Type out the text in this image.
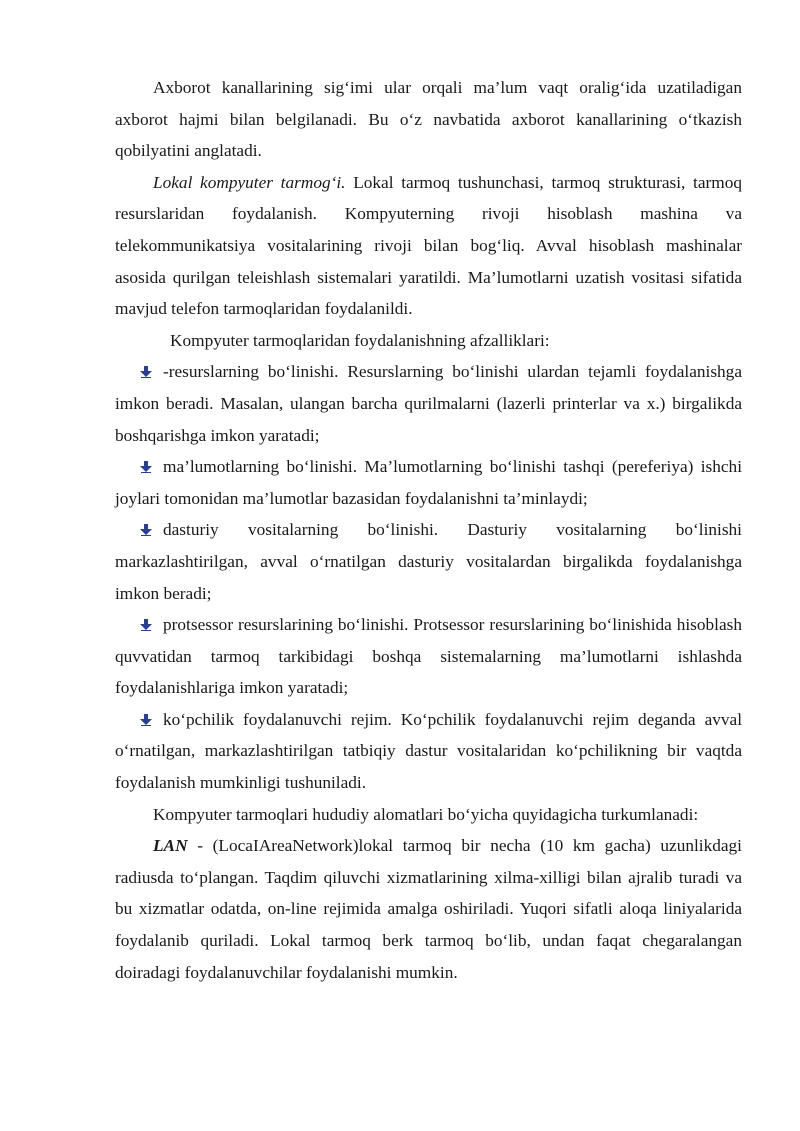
Axborot kanallarining sig‘imi ular orqali ma’lum vaqt oralig‘ida uzatiladigan axborot hajmi bilan belgilanadi. Bu o‘z navbatida axborot kanallarining o‘tkazish qobilyatini anglatadi.

Lokal kompyuter tarmog‘i. Lokal tarmoq tushunchasi, tarmoq strukturasi, tarmoq resurslaridan foydalanish. Kompyuterning rivoji hisoblash mashina va telekommunikatsiya vositalarining rivoji bilan bog‘liq. Avval hisoblash mashinalar asosida qurilgan teleishlash sistemalari yaratildi. Ma’lumotlarni uzatish vositasi sifatida mavjud telefon tarmoqlaridan foydalanildi.

Kompyuter tarmoqlaridan foydalanishning afzalliklari:

-resurslarning bo‘linishi. Resurslarning bo‘linishi ulardan tejamli foydalanishga imkon beradi. Masalan, ulangan barcha qurilmalarni (lazerli printerlar va x.) birgalikda boshqarishga imkon yaratadi;

ma’lumotlarning bo‘linishi. Ma’lumotlarning bo‘linishi tashqi (pereferiya) ishchi joylari tomonidan ma’lumotlar bazasidan foydalanishni ta’minlaydi;

dasturiy vositalarning bo‘linishi. Dasturiy vositalarning bo‘linishi markazlashtirilgan, avval o‘rnatilgan dasturiy vositalardan birgalikda foydalanishga imkon beradi;

protsessor resurslarining bo‘linishi. Protsessor resurslarining bo‘linishida hisoblash quvvatidan tarmoq tarkibidagi boshqa sistemalarning ma’lumotlarni ishlashda foydalanishlariga imkon yaratadi;

ko‘pchilik foydalanuvchi rejim. Ko‘pchilik foydalanuvchi rejim deganda avval o‘rnatilgan, markazlashtirilgan tatbiqiy dastur vositalaridan ko‘pchilikning bir vaqtda foydalanish mumkinligi tushuniladi.

Kompyuter tarmoqlari hududiy alomatlari bo‘yicha quyidagicha turkumlanadi:

LAN - (LocaIAreaNetwork)lokal tarmoq bir necha (10 km gacha) uzunlikdagi radiusda to‘plangan. Taqdim qiluvchi xizmatlarining xilma-xilligi bilan ajralib turadi va bu xizmatlar odatda, on-line rejimida amalga oshiriladi. Yuqori sifatli aloqa liniyalarida foydalanib quriladi. Lokal tarmoq berk tarmoq bo‘lib, undan faqat chegaralangan doiradagi foydalanuvchilar foydalanishi mumkin.
